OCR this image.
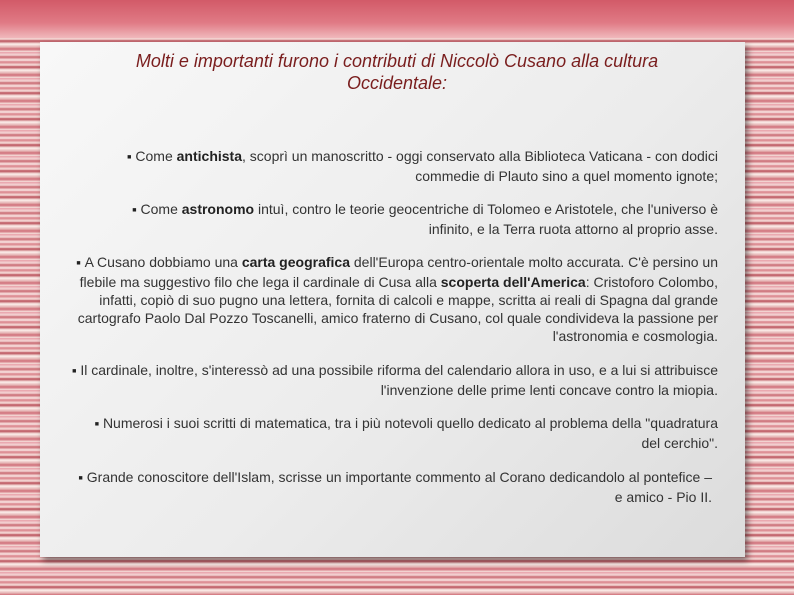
Molti e importanti furono i contributi di Niccolò Cusano alla cultura
Occidentale:
■ Come antichista, scoprì un manoscritto - oggi conservato alla Biblioteca Vaticana - con dodici commedie di Plauto sino a quel momento ignote;
■ Come astronomo intuì, contro le teorie geocentriche di Tolomeo e Aristotele, che l'universo è infinito, e la Terra ruota attorno al proprio asse.
■ A Cusano dobbiamo una carta geografica dell'Europa centro-orientale molto accurata. C'è persino un flebile ma suggestivo filo che lega il cardinale di Cusa alla scoperta dell'America: Cristoforo Colombo, infatti, copiò di suo pugno una lettera, fornita di calcoli e mappe, scritta ai reali di Spagna dal grande cartografo Paolo Dal Pozzo Toscanelli, amico fraterno di Cusano, col quale condivideva la passione per l'astronomia e cosmologia.
■ Il cardinale, inoltre, s'interessò ad una possibile riforma del calendario allora in uso, e a lui si attribuisce l'invenzione delle prime lenti concave contro la miopia.
■ Numerosi i suoi scritti di matematica, tra i più notevoli quello dedicato al problema della "quadratura del cerchio".
■ Grande conoscitore dell'Islam, scrisse un importante commento al Corano dedicandolo al pontefice – e amico - Pio II.
